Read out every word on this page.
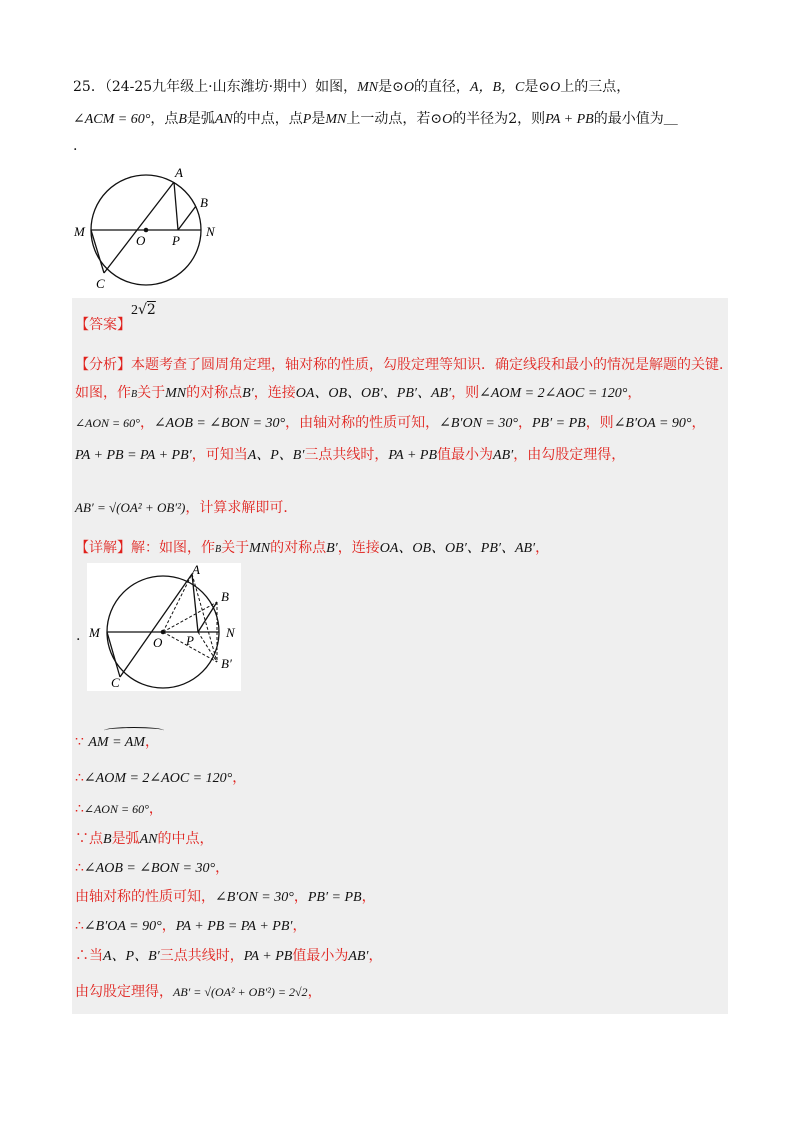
25．（24-25九年级上·山东潍坊·期中）如图，MN是⊙O的直径，A，B，C是⊙O上的三点，
∠ACM = 60°，点B是弧AN的中点，点P是MN上一动点，若⊙O的半径为2，则PA + PB的最小值为＿
.
A
B
M
O P
N
C
【答案】
2√2
【分析】本题考查了圆周角定理，轴对称的性质，勾股定理等知识．确定线段和最小的情况是解题的关键．
如图，作B关于MN的对称点B′，连接OA、OB、OB′、PB′、AB′，则∠AOM = 2∠AOC = 120°，
∠AON = 60°，∠AOB = ∠BON = 30°，由轴对称的性质可知，∠B′ON = 30°，PB′ = PB，则∠B′OA = 90°，
PA + PB = PA + PB′，可知当A、P、B′三点共线时，PA + PB值最小为AB′，由勾股定理得，
AB′ = √(OA² + OB′²)，计算求解即可．
【详解】解：如图，作B关于MN的对称点B′，连接OA、OB、OB′、PB′、AB′，
.
A
B
M
O P
N
C
B′
∵ AM = AM，
∴∠AOM = 2∠AOC = 120°，
∴∠AON = 60°，
∵点B是弧AN的中点，
∴∠AOB = ∠BON = 30°，
由轴对称的性质可知，∠B′ON = 30°，PB′ = PB，
∴∠B′OA = 90°，PA + PB = PA + PB′，
∴当A、P、B′三点共线时，PA + PB值最小为AB′，
由勾股定理得，AB′ = √(OA² + OB′²) = 2√2，
